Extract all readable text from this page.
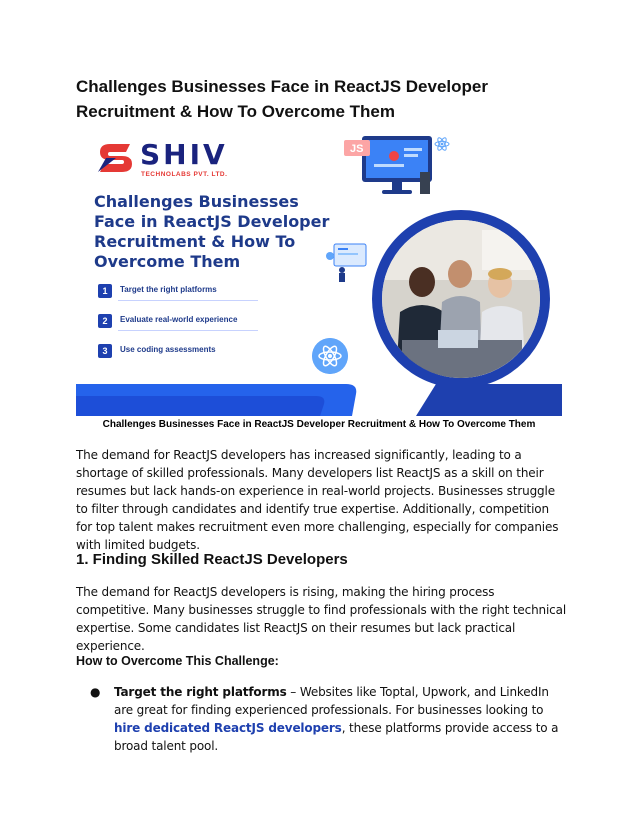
Challenges Businesses Face in ReactJS Developer Recruitment & How To Overcome Them
SHIV
TECHNOLABS PVT. LTD.
Challenges Businesses Face in ReactJS Developer Recruitment & How To Overcome Them
1	Target the right platforms
2	Evaluate real-world experience
3	Use coding assessments
JS

Challenges Businesses Face in ReactJS Developer Recruitment & How To Overcome Them

The demand for ReactJS developers has increased significantly, leading to a shortage of skilled professionals. Many developers list ReactJS as a skill on their resumes but lack hands-on experience in real-world projects. Businesses struggle to filter through candidates and identify true expertise. Additionally, competition for top talent makes recruitment even more challenging, especially for companies with limited budgets.

1. Finding Skilled ReactJS Developers

The demand for ReactJS developers is rising, making the hiring process competitive. Many businesses struggle to find professionals with the right technical expertise. Some candidates list ReactJS on their resumes but lack practical experience.

How to Overcome This Challenge:
● Target the right platforms – Websites like Toptal, Upwork, and LinkedIn are great for finding experienced professionals. For businesses looking to hire dedicated ReactJS developers, these platforms provide access to a broad talent pool.
